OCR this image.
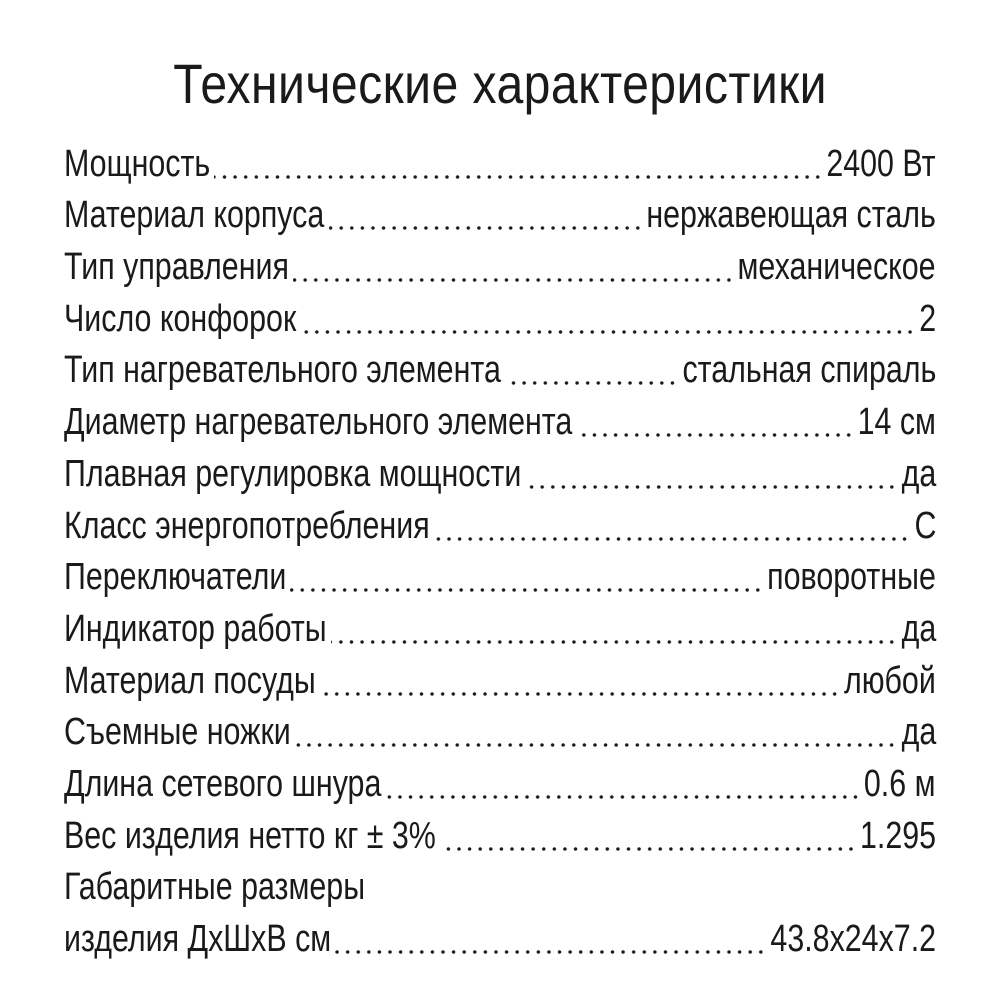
Технические характеристики
Мощность	2400 Вт
Материал корпуса	нержавеющая сталь
Тип управления	механическое
Число конфорок	2
Тип нагревательного элемента	стальная спираль
Диаметр нагревательного элемента	14 см
Плавная регулировка мощности	да
Класс энергопотребления	С
Переключатели	поворотные
Индикатор работы	да
Материал посуды	любой
Съемные ножки	да
Длина сетевого шнура	0.6 м
Вес изделия нетто кг ± 3%	1.295
Габаритные размеры
изделия ДхШхВ см	43.8х24х7.2
